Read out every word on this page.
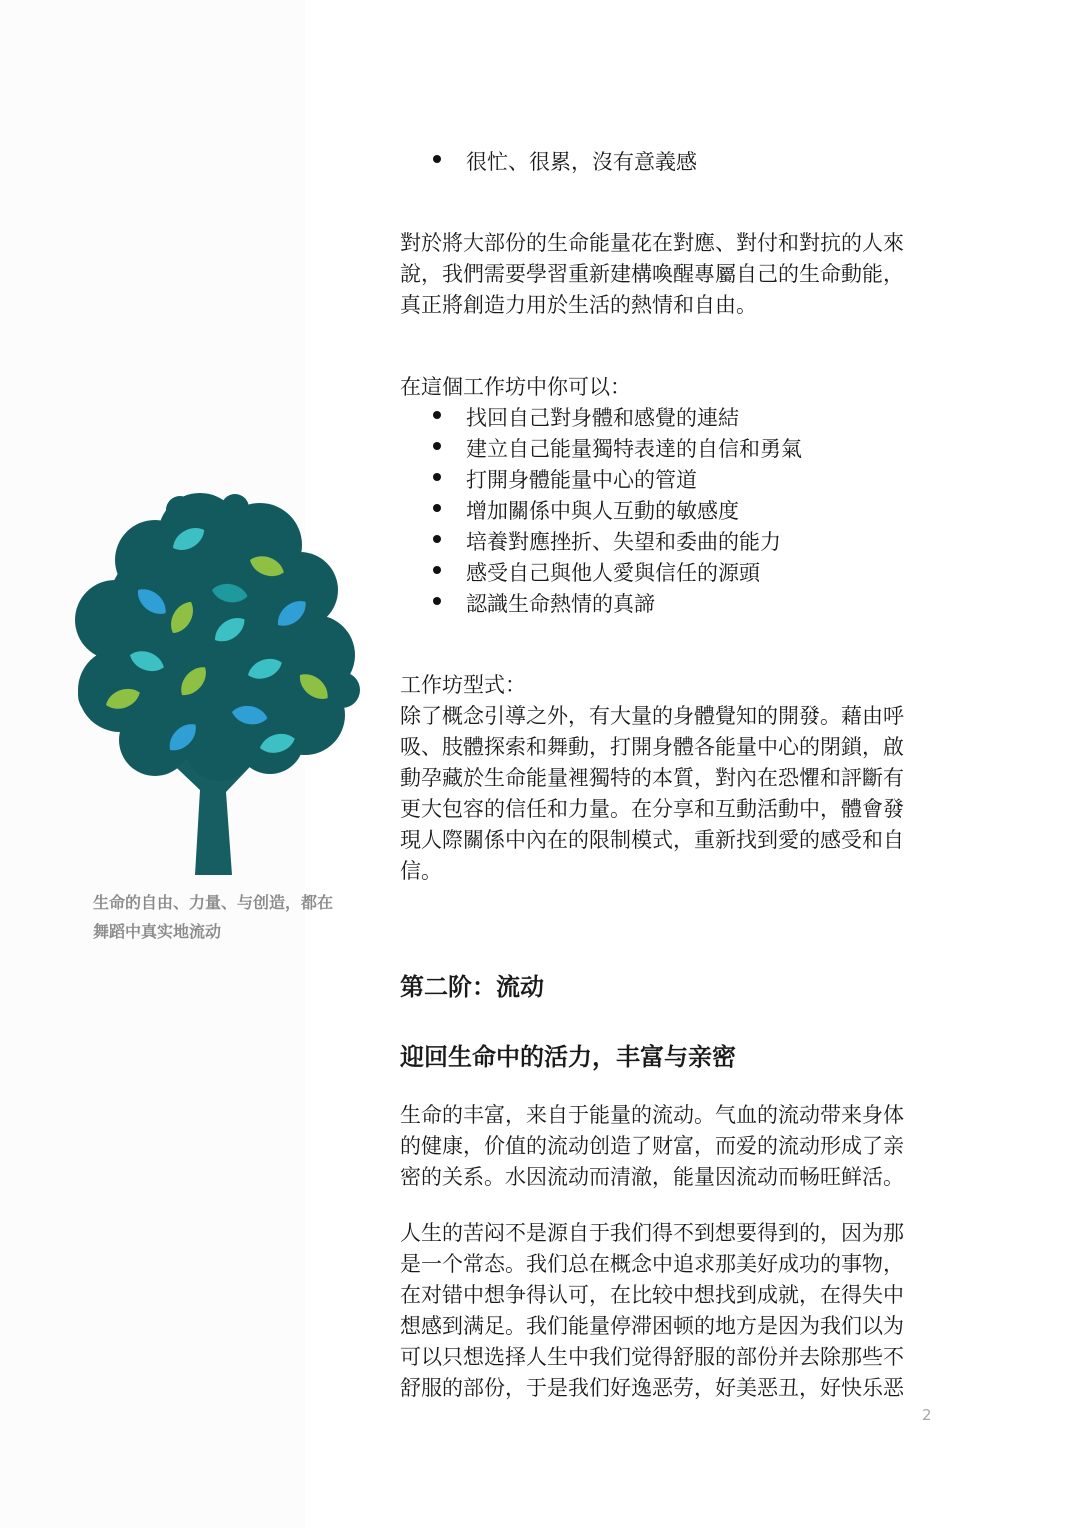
生命的自由、力量、与创造，都在
舞蹈中真实地流动
很忙、很累，沒有意義感

對於將大部份的生命能量花在對應、對付和對抗的人來

說，我們需要學習重新建構喚醒專屬自己的生命動能，

真正將創造力用於生活的熱情和自由。

在這個工作坊中你可以：

找回自己對身體和感覺的連結
建立自己能量獨特表達的自信和勇氣
打開身體能量中心的管道
增加關係中與人互動的敏感度
培養對應挫折、失望和委曲的能力
感受自己與他人愛與信任的源頭
認識生命熱情的真諦

工作坊型式：

除了概念引導之外，有大量的身體覺知的開發。藉由呼

吸、肢體探索和舞動，打開身體各能量中心的閉鎖，啟

動孕藏於生命能量裡獨特的本質，對內在恐懼和評斷有

更大包容的信任和力量。在分享和互動活動中，體會發

現人際關係中內在的限制模式，重新找到愛的感受和自

信。

第二阶：流动

迎回生命中的活力，丰富与亲密

生命的丰富，来自于能量的流动。气血的流动带来身体

的健康，价值的流动创造了财富，而爱的流动形成了亲

密的关系。水因流动而清澈，能量因流动而畅旺鲜活。

人生的苦闷不是源自于我们得不到想要得到的，因为那

是一个常态。我们总在概念中追求那美好成功的事物，

在对错中想争得认可，在比较中想找到成就，在得失中

想感到满足。我们能量停滞困顿的地方是因为我们以为

可以只想选择人生中我们觉得舒服的部份并去除那些不

舒服的部份，于是我们好逸恶劳，好美恶丑，好快乐恶

2
